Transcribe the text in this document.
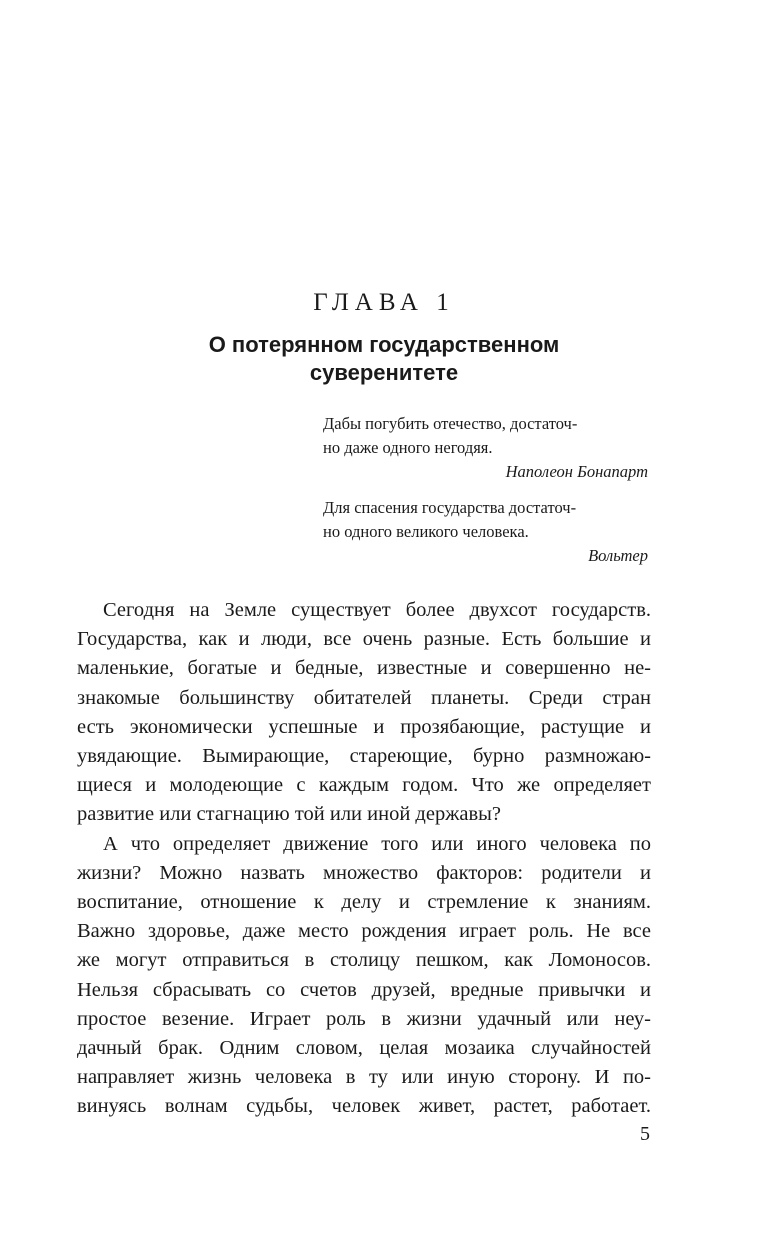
ГЛАВА 1
О потерянном государственном
суверенитете
Дабы погубить отечество, достаточ-
но даже одного негодяя.
Наполеон Бонапарт
Для спасения государства достаточ-
но одного великого человека.
Вольтер
Сегодня на Земле существует более двухсот государств.
Государства, как и люди, все очень разные. Есть большие и
маленькие, богатые и бедные, известные и совершенно не-
знакомые большинству обитателей планеты. Среди стран
есть экономически успешные и прозябающие, растущие и
увядающие. Вымирающие, стареющие, бурно размножаю-
щиеся и молодеющие с каждым годом. Что же определяет
развитие или стагнацию той или иной державы?
А что определяет движение того или иного человека по
жизни? Можно назвать множество факторов: родители и
воспитание, отношение к делу и стремление к знаниям.
Важно здоровье, даже место рождения играет роль. Не все
же могут отправиться в столицу пешком, как Ломоносов.
Нельзя сбрасывать со счетов друзей, вредные привычки и
простое везение. Играет роль в жизни удачный или неу-
дачный брак. Одним словом, целая мозаика случайностей
направляет жизнь человека в ту или иную сторону. И по-
винуясь волнам судьбы, человек живет, растет, работает.
5
